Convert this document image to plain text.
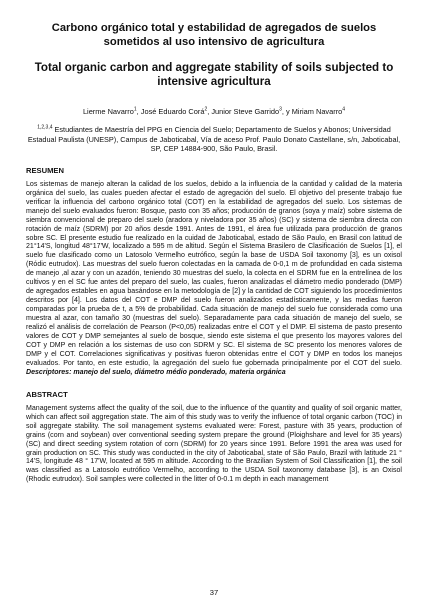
Carbono orgánico total y estabilidad de agregados de suelos sometidos al uso intensivo de agricultura
Total organic carbon and aggregate stability of soils subjected to intensive agricultura
Lierme Navarro$^1$, José Eduardo Corá$^2$, Junior Steve Garrido$^3$, y Miriam Navarro$^4$
$^{1,2,3,4}$ Estudiantes de Maestría del PPG en Ciencia del Suelo; Departamento de Suelos y Abonos; Universidad Estadual Paulista (UNESP), Campus de Jaboticabal, Vía de aceso Prof. Paulo Donato Castellane, s/n, Jaboticabal, SP, CEP 14884-900, São Paulo, Brasil.
RESUMEN

Los sistemas de manejo alteran la calidad de los suelos, debido a la influencia de la cantidad y calidad de la materia orgánica del suelo, las cuales pueden afectar el estado de agregación del suelo. El objetivo del presente trabajo fue verificar la influencia del carbono orgánico total (COT) en la estabilidad de agregados del suelo. Los sistemas de manejo del suelo evaluados fueron: Bosque, pasto con 35 años; producción de granos (soya y maíz) sobre sistema de siembra convencional de preparo del suelo (aradora y niveladora por 35 años) (SC) y sistema de siembra directa con rotación de maíz (SDRM) por 20 años desde 1991. Antes de 1991, el área fue utilizada para producción de granos sobre SC. El presente estudio fue realizado en la cuidad de Jaboticabal, estado de São Paulo, en Brasil con latitud de 21°14'S, longitud 48°17'W, localizado a 595 m de altitud. Según el Sistema Brasilero de Clasificación de Suelos [1], el suelo fue clasificado como un Latosolo Vermelho eutrófico, según la base de USDA Soil taxonomy [3], es un oxisol (Ródic eutrudox). Las muestras del suelo fueron colectadas en la camada de 0-0,1 m de profundidad en cada sistema de manejo ,al azar y con un azadón, teniendo 30 muestras del suelo, la colecta en el SDRM fue en la entrelínea de los cultivos y en el SC fue antes del preparo del suelo, las cuales, fueron analizadas el diámetro medio ponderado (DMP) de agregados estables en agua basándose en la metodología de [2] y la cantidad de COT siguiendo los procedimientos descritos por [4]. Los datos del COT e DMP del suelo fueron analizados estadísticamente, y las medias fueron comparadas por la prueba de t, a 5% de probabilidad. Cada situación de manejo del suelo fue considerada como una muestra al azar, con tamaño 30 (muestras del suelo). Separadamente para cada situación de manejo del suelo, se realizó el análisis de correlación de Pearson (P<0,05) realizadas entre el COT y el DMP. El sistema de pasto presento valores de COT y DMP semejantes al suelo de bosque, siendo este sistema el que presento los mayores valores del COT y DMP en relación a los sistemas de uso con SDRM y SC. El sistema de SC presento los menores valores de DMP y el COT. Correlaciones significativas y positivas fueron obtenidas entre el COT y DMP en todos los manejos evaluados. Por tanto, en este estudio, la agregación del suelo fue gobernada principalmente por el COT del suelo. Descriptores: manejo del suelo, diámetro médio ponderado, materia orgánica

ABSTRACT

Management systems affect the quality of the soil, due to the influence of the quantity and quality of soil organic matter, which can affect soil aggregation state. The aim of this study was to verify the influence of total organic carbon (TOC) in soil aggregate stability. The soil management systems evaluated were: Forest, pasture with 35 years, production of grains (corn and soybean) over conventional seeding system prepare the ground (Ploighshare and level for 35 years) (SC) and direct seeding system rotation of corn (SDRM) for 20 years since 1991. Before 1991 the area was used for grain production on SC. This study was conducted in the city of Jaboticabal, state of São Paulo, Brazil with latitude 21 ° 14'S, longitude 48 ° 17'W, located at 595 m altitude. According to the Brazilian System of Soil Classification [1], the soil was classified as a Latosolo eutrófico Vermelho, according to the USDA Soil taxonomy database [3], is an Oxisol (Rhodic eutrudox). Soil samples were collected in the litter of 0-0.1 m depth in each management

37
